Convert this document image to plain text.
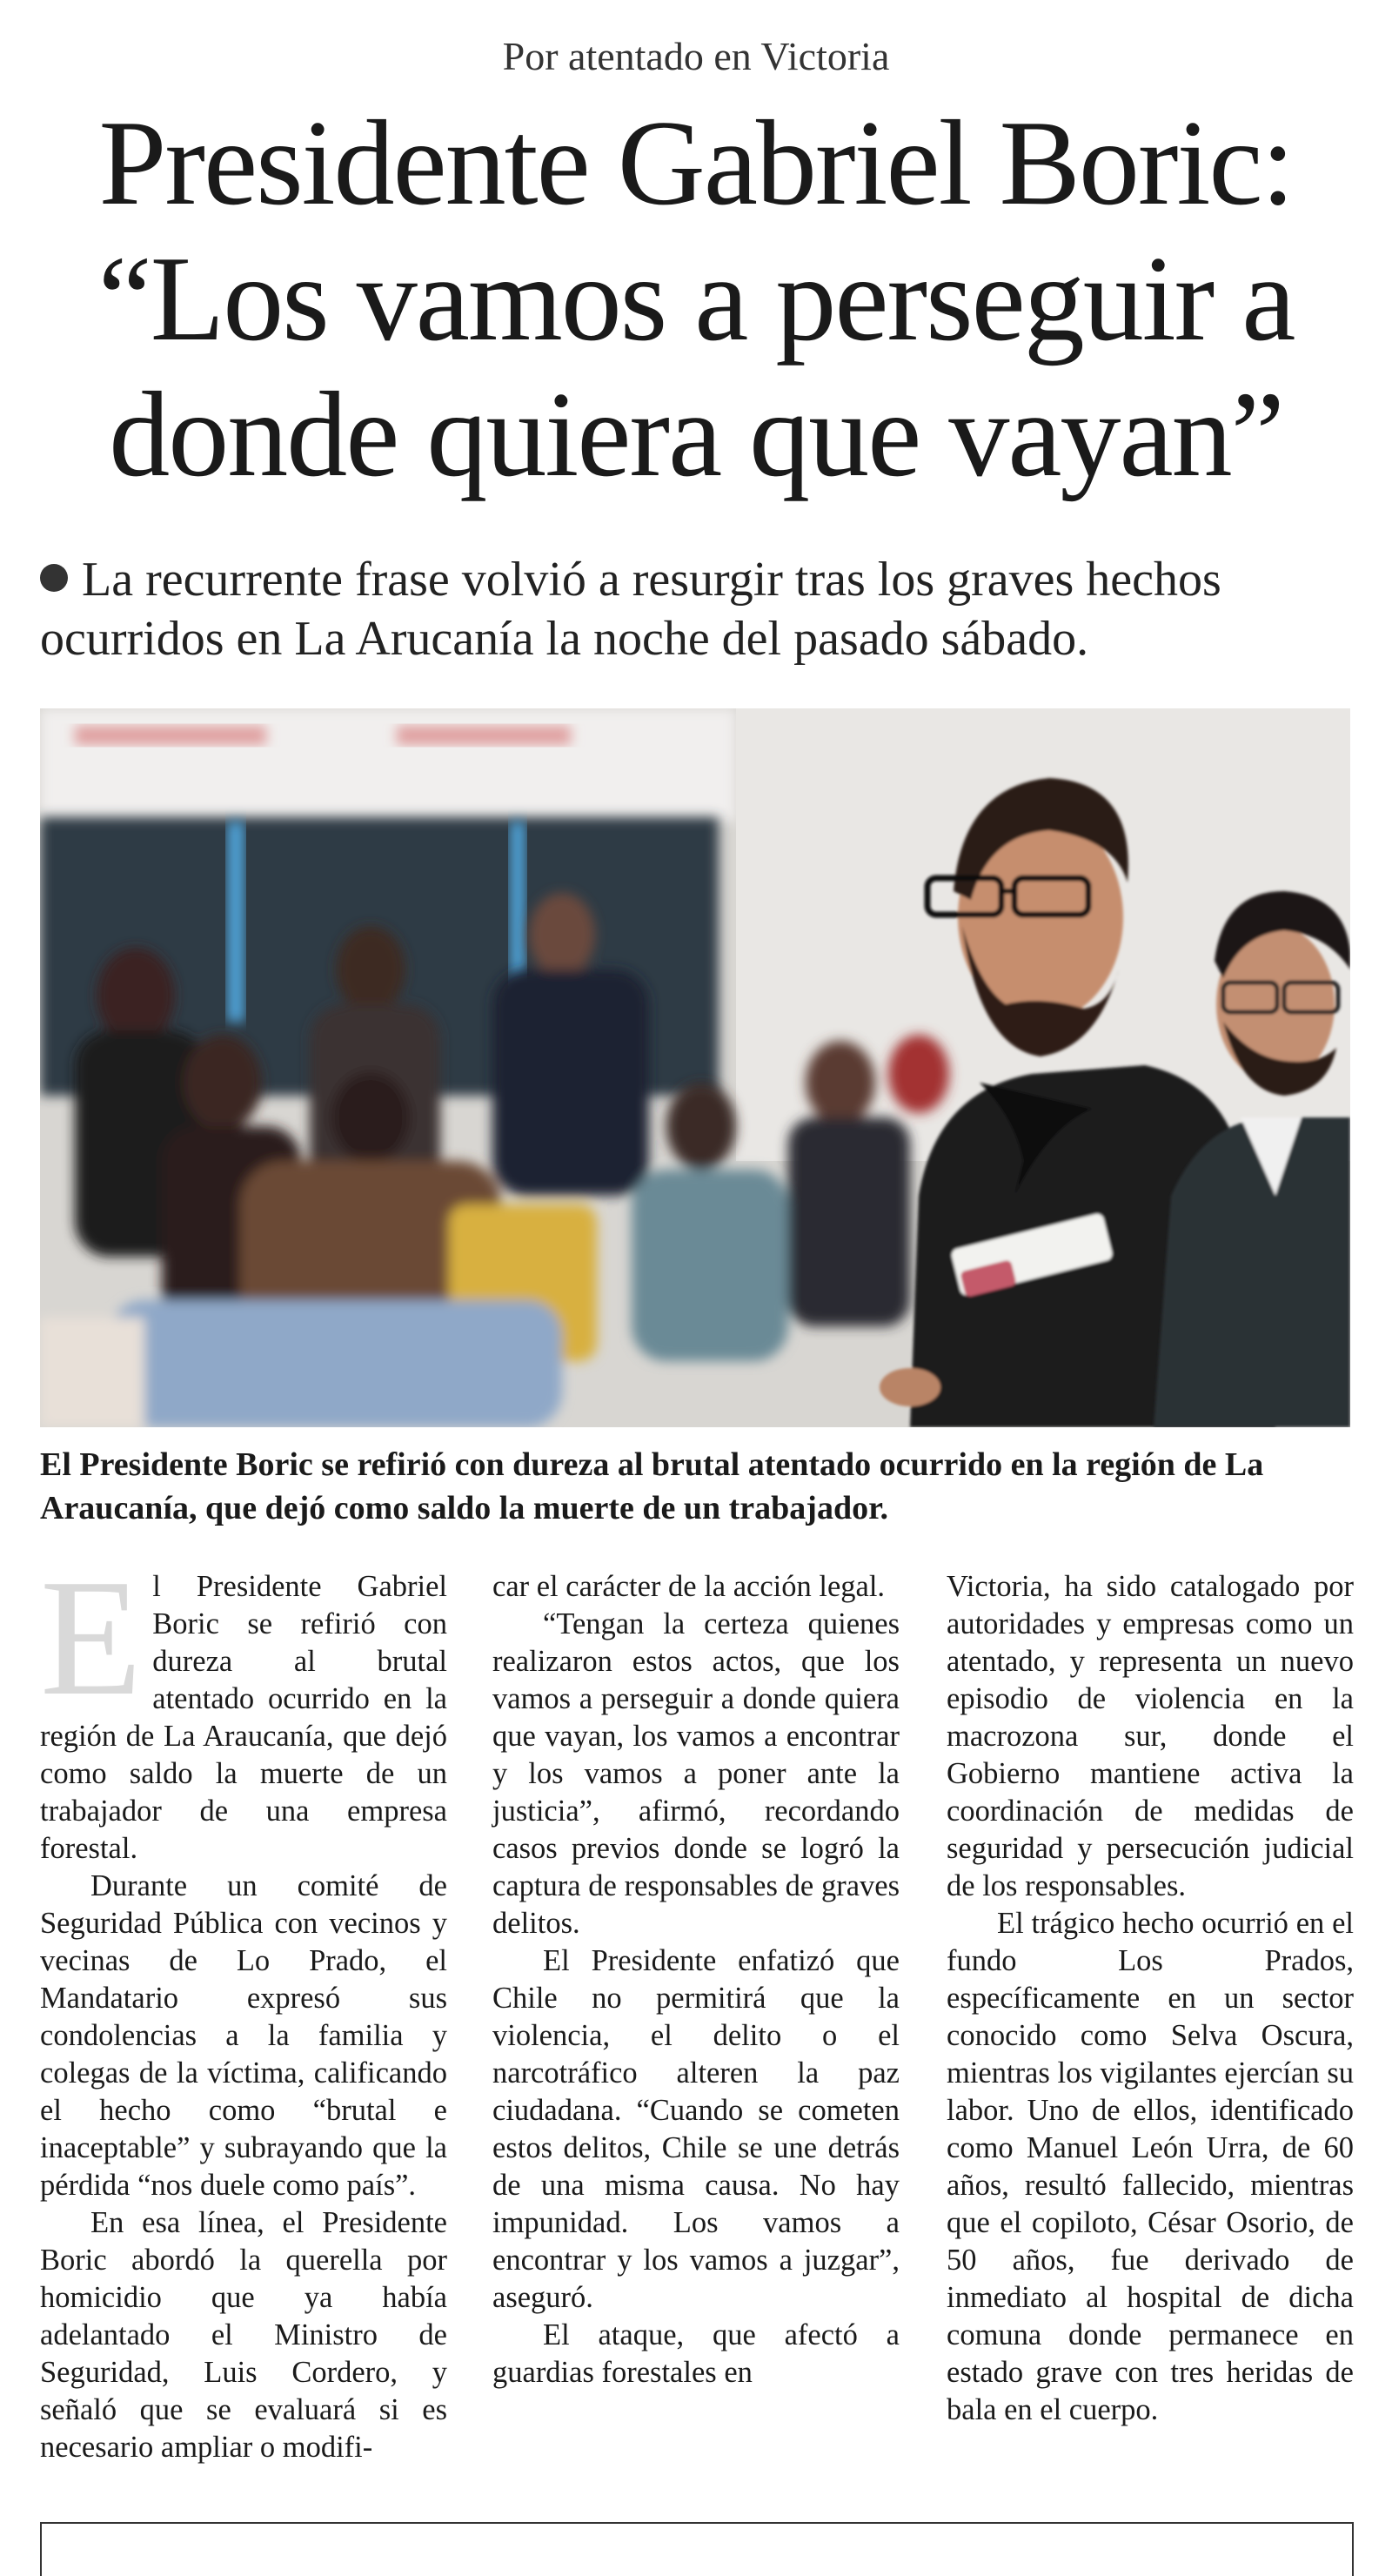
Por atentado en Victoria
Presidente Gabriel Boric:
“Los vamos a perseguir a
donde quiera que vayan”
La recurrente frase volvió a resurgir tras los graves hechos ocurridos en La Arucanía la noche del pasado sábado.
El Presidente Boric se refirió con dureza al brutal atentado ocurrido en la región de La Araucanía, que dejó como saldo la muerte de un trabajador.
E l Presidente Gabriel Boric se refirió con dureza al brutal atentado ocurrido en la región de La Araucanía, que dejó como saldo la muerte de un trabajador de una empresa forestal.

Durante un comité de Seguridad Pública con vecinos y vecinas de Lo Prado, el Mandatario expresó sus condolencias a la familia y colegas de la víctima, calificando el hecho como “brutal e inaceptable” y subrayando que la pérdida “nos duele como país”.

En esa línea, el Presidente Boric abordó la querella por homicidio que ya había adelantado el Ministro de Seguridad, Luis Cordero, y señaló que se evaluará si es necesario ampliar o modifi-

car el carácter de la acción legal.

“Tengan la certeza quienes realizaron estos actos, que los vamos a perseguir a donde quiera que vayan, los vamos a encontrar y los vamos a poner ante la justicia”, afirmó, recordando casos previos donde se logró la captura de responsables de graves delitos.

El Presidente enfatizó que Chile no permitirá que la violencia, el delito o el narcotráfico alteren la paz ciudadana. “Cuando se cometen estos delitos, Chile se une detrás de una misma causa. No hay impunidad. Los vamos a encontrar y los vamos a juzgar”, aseguró.

El ataque, que afectó a guardias forestales en

Victoria, ha sido catalogado por autoridades y empresas como un atentado, y representa un nuevo episodio de violencia en la macrozona sur, donde el Gobierno mantiene activa la coordinación de medidas de seguridad y persecución judicial de los responsables.

El trágico hecho ocurrió en el fundo Los Prados, específicamente en un sector conocido como Selva Oscura, mientras los vigilantes ejercían su labor. Uno de ellos, identificado como Manuel León Urra, de 60 años, resultó fallecido, mientras que el copiloto, César Osorio, de 50 años, fue derivado de inmediato al hospital de dicha comuna donde permanece en estado grave con tres heridas de bala en el cuerpo.
